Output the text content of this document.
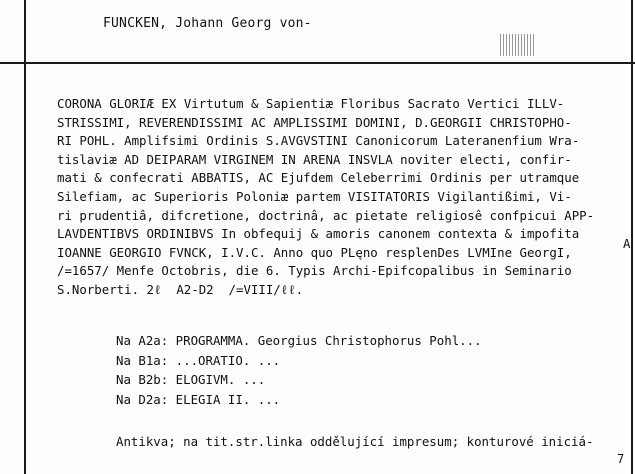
FUNCKEN, Johann Georg von-
CORONA GLORIÆ EX Virtutum & Sapientiæ Floribus Sacrato Vertici ILLV-
STRISSIMI, REVERENDISSIMI AC AMPLISSIMI DOMINI, D.GEORGII CHRISTOPHO-
RI POHL. Amplifsimi Ordinis S.AVGVSTINI Canonicorum Lateranenfium Wra-
tislaviæ AD DEIPARAM VIRGINEM IN ARENA INSVLA noviter electi, confir-
mati & confecrati ABBATIS, AC Ejufdem Celeberrimi Ordinis per utramque
Silefiam, ac Superioris Poloniæ partem VISITATORIS Vigilantißimi, Vi-
ri prudentiâ, difcretione, doctrinâ, ac pietate religiosê confpicui APP-
LAVDENTIBVS ORDINIBVS In obfequij & amoris canonem contexta & impofita
IOANNE GEORGIO FVNCK, I.V.C. Anno quo PLęno resplenDes LVMIne GeorgI,
/=1657/ Menfe Octobris, die 6. Typis Archi-Epifcopalibus in Seminario
S.Norberti. 2ℓ  A2-D2  /=VIII/ℓℓ.
Na A2a: PROGRAMMA. Georgius Christophorus Pohl...
Na B1a: ...ORATIO. ...
Na B2b: ELOGIVM. ...
Na D2a: ELEGIA II. ...
Antikva; na tit.str.linka oddělující impresum; konturové iniciá-
A
7
